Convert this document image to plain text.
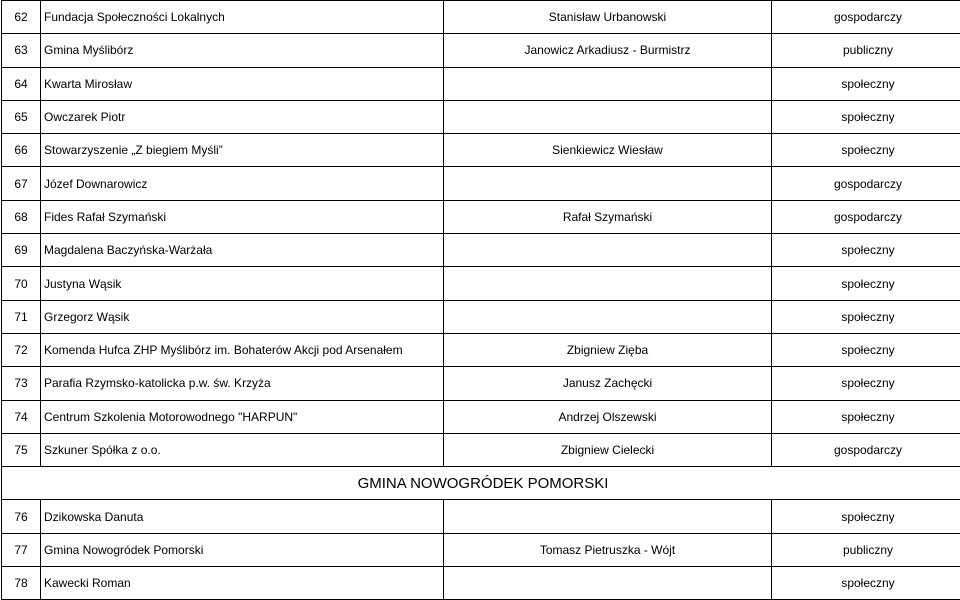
62	Fundacja Społeczności Lokalnych	Stanisław Urbanowski	gospodarczy
63	Gmina Myślibórz	Janowicz Arkadiusz - Burmistrz	publiczny
64	Kwarta Mirosław		społeczny
65	Owczarek Piotr		społeczny
66	Stowarzyszenie „Z biegiem Myśli”	Sienkiewicz Wiesław	społeczny
67	Józef Downarowicz		gospodarczy
68	Fides Rafał Szymański	Rafał Szymański	gospodarczy
69	Magdalena Baczyńska-Warżała		społeczny
70	Justyna Wąsik		społeczny
71	Grzegorz Wąsik		społeczny
72	Komenda Hufca ZHP Myślibórz im. Bohaterów Akcji pod Arsenałem	Zbigniew Zięba	społeczny
73	Parafia Rzymsko-katolicka p.w. św. Krzyża	Janusz Zachęcki	społeczny
74	Centrum Szkolenia Motorowodnego "HARPUN"	Andrzej Olszewski	społeczny
75	Szkuner Spółka z o.o.	Zbigniew Cielecki	gospodarczy
GMINA NOWOGRÓDEK POMORSKI			
76	Dzikowska Danuta		społeczny
77	Gmina Nowogródek Pomorski	Tomasz Pietruszka - Wójt	publiczny
78	Kawecki Roman		społeczny
